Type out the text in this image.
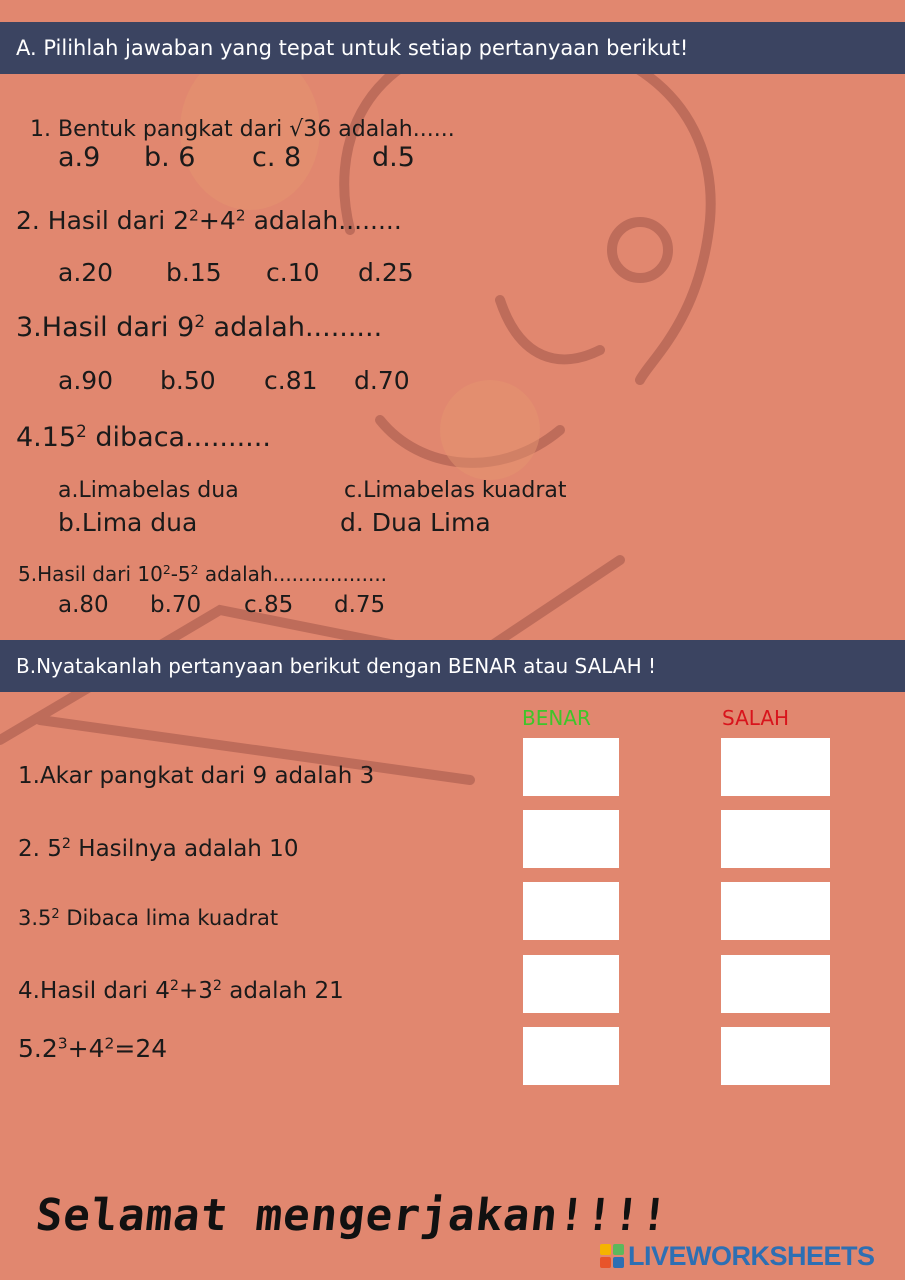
A. Pilihlah jawaban yang tepat untuk setiap pertanyaan berikut!

1. Bentuk pangkat dari √36 adalah......

a.9 b. 6 c. 8	d.5
2. Hasil dari $2^2+4^2$ adalah........
a.20 b.15 c.10 d.25
3.Hasil dari $9^2$ adalah.........
a.90 b.50 c.81 d.70
4.15$^2$ dibaca..........
a.Limabelas dua	c.Limabelas kuadrat
b.Lima dua	d. Dua Lima
5.Hasil dari $10^2-5^2$ adalah..................
a.80 b.70 c.85 d.75
B.Nyatakanlah pertanyaan berikut dengan BENAR atau SALAH !
BENAR	SALAH
1.Akar pangkat dari 9 adalah 3
2. $5^2$ Hasilnya adalah 10
$3.5^2$ Dibaca lima kuadrat
4.Hasil dari $4^2+3^2$ adalah 21
$5.2^3+4^2=24$
Selamat mengerjakan!!!!
LIVEWORKSHEETS
